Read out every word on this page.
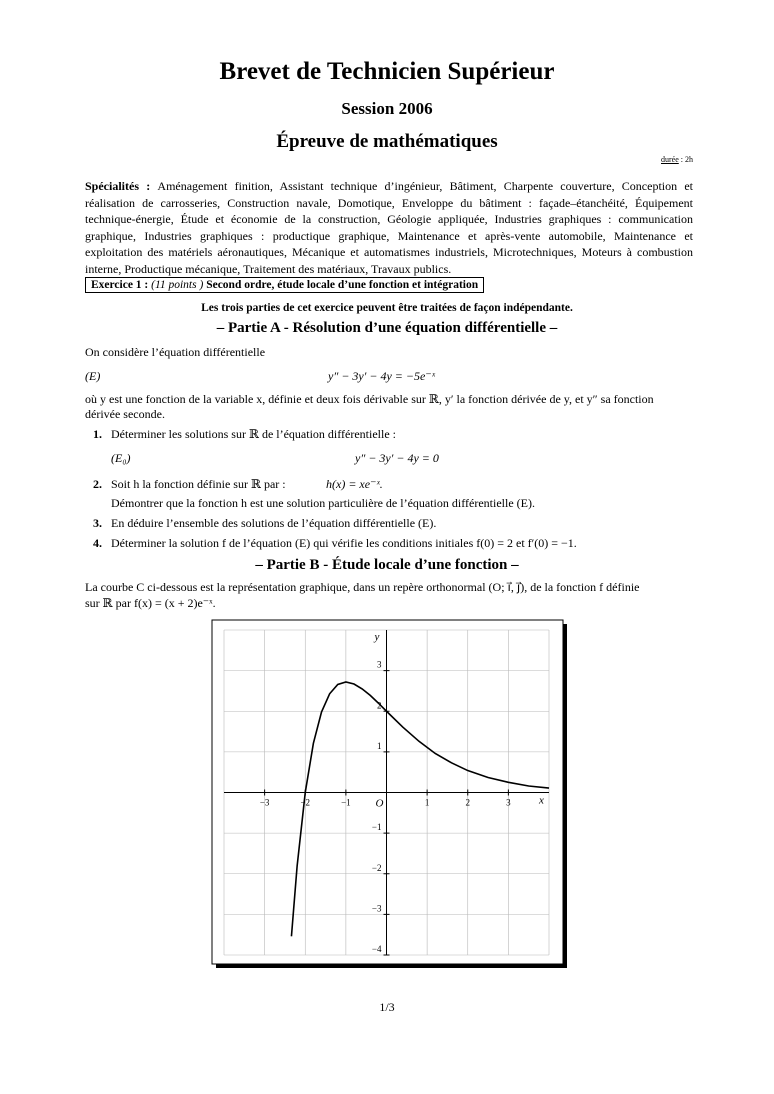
Brevet de Technicien Supérieur
Session 2006
Épreuve de mathématiques
durée : 2h
Spécialités : Aménagement finition, Assistant technique d’ingénieur, Bâtiment, Charpente couverture, Conception et réalisation de carrosseries, Construction navale, Domotique, Enveloppe du bâtiment : façade–étanchéité, Équipement technique-énergie, Étude et économie de la construction, Géologie appliquée, Industries graphiques : communication graphique, Industries graphiques : productique graphique, Maintenance et après-vente automobile, Maintenance et exploitation des matériels aéronautiques, Mécanique et automatismes industriels, Microtechniques, Moteurs à combustion interne, Productique mécanique, Traitement des matériaux, Travaux publics.
Exercice 1 : (11 points ) Second ordre, étude locale d’une fonction et intégration
Les trois parties de cet exercice peuvent être traitées de façon indépendante.
– Partie A - Résolution d’une équation différentielle –
On considère l’équation différentielle
(E)	y″ − 3y′ − 4y = −5e⁻ˣ
où y est une fonction de la variable x, définie et deux fois dérivable sur ℝ, y′ la fonction dérivée de y, et y″ sa fonction
dérivée seconde.
1. Déterminer les solutions sur ℝ de l’équation différentielle :
(E₀)	y″ − 3y′ − 4y = 0
2. Soit h la fonction définie sur ℝ par :	h(x) = xe⁻ˣ.
Démontrer que la fonction h est une solution particulière de l’équation différentielle (E).
3. En déduire l’ensemble des solutions de l’équation différentielle (E).
4. Déterminer la solution f de l’équation (E) qui vérifie les conditions initiales f(0) = 2 et f′(0) = −1.
– Partie B - Étude locale d’une fonction –
La courbe C ci-dessous est la représentation graphique, dans un repère orthonormal (O; i⃗, j⃗), de la fonction f définie
sur ℝ par f(x) = (x + 2)e⁻ˣ.
−3	−2	−1	1	2	3
3
2
1
−1
−2
−3
−4
x
y
O
1/3
